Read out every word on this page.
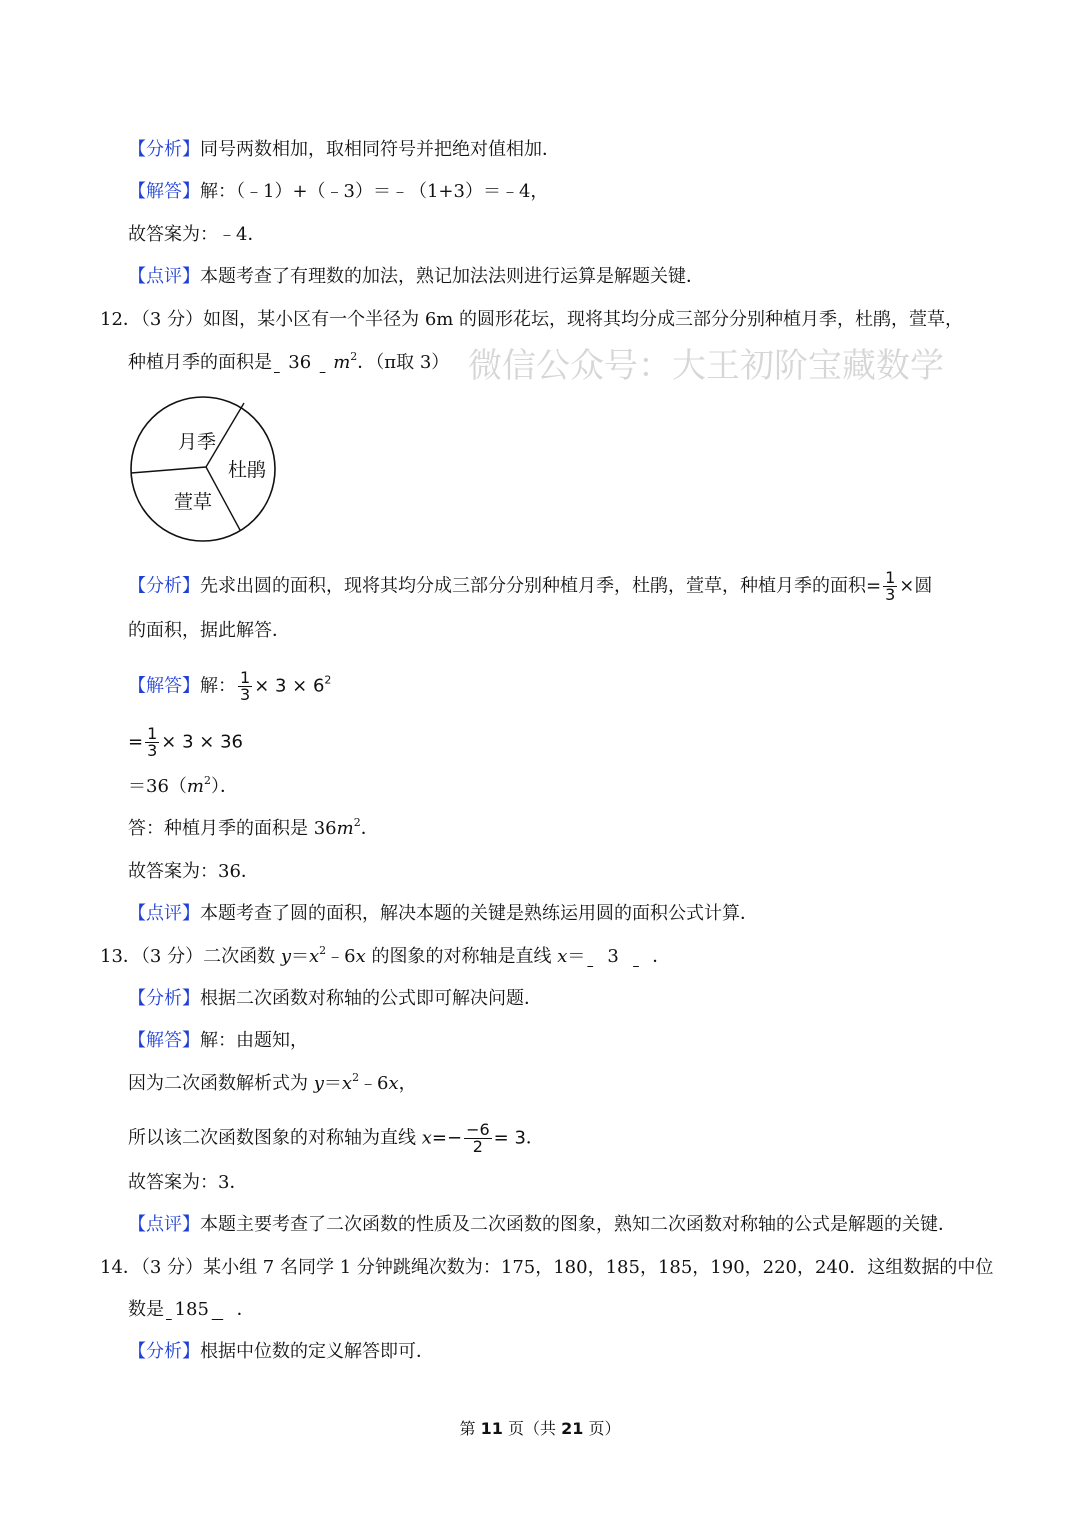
【分析】同号两数相加，取相同符号并把绝对值相加．
【解答】解：（﹣1）+（﹣3）＝﹣（1+3）＝﹣4，
故答案为：﹣4．
【点评】本题考查了有理数的加法，熟记加法法则进行运算是解题关键．
12．（3 分）如图，某小区有一个半径为 6m 的圆形花坛，现将其均分成三部分分别种植月季，杜鹃，萱草，
种植月季的面积是 36 $m^2$．（π取 3） 微信公众号：大王初阶宝藏数学
月季
杜鹃
萱草
【分析】先求出圆的面积，现将其均分成三部分分别种植月季，杜鹃，萱草，种植月季的面积= $\frac{1}{3}$ ×圆
的面积，据此解答．
【解答】解： $\frac{1}{3} \times 3 \times 6^2$
= $\frac{1}{3} \times 3 \times 36$
$=36(m^2)$．
答：种植月季的面积是 $36m^2$．
故答案为：36．
【点评】本题考查了圆的面积，解决本题的关键是熟练运用圆的面积公式计算．
13．（3 分）二次函数 $y=x^2﹣6x$ 的图象的对称轴是直线 x＝ 3 ．
【分析】根据二次函数对称轴的公式即可解决问题．
【解答】解：由题知，
因为二次函数解析式为 $y=x^2﹣6x$，
所以该二次函数图象的对称轴为直线 $x=- \frac{-6}{2} = 3$．
故答案为：3．
【点评】本题主要考查了二次函数的性质及二次函数的图象，熟知二次函数对称轴的公式是解题的关键．
14．（3 分）某小组 7 名同学 1 分钟跳绳次数为：175，180，185，185，190，220，240．这组数据的中位
数是 185 ．
【分析】根据中位数的定义解答即可．
第 11 页（共 21 页）
